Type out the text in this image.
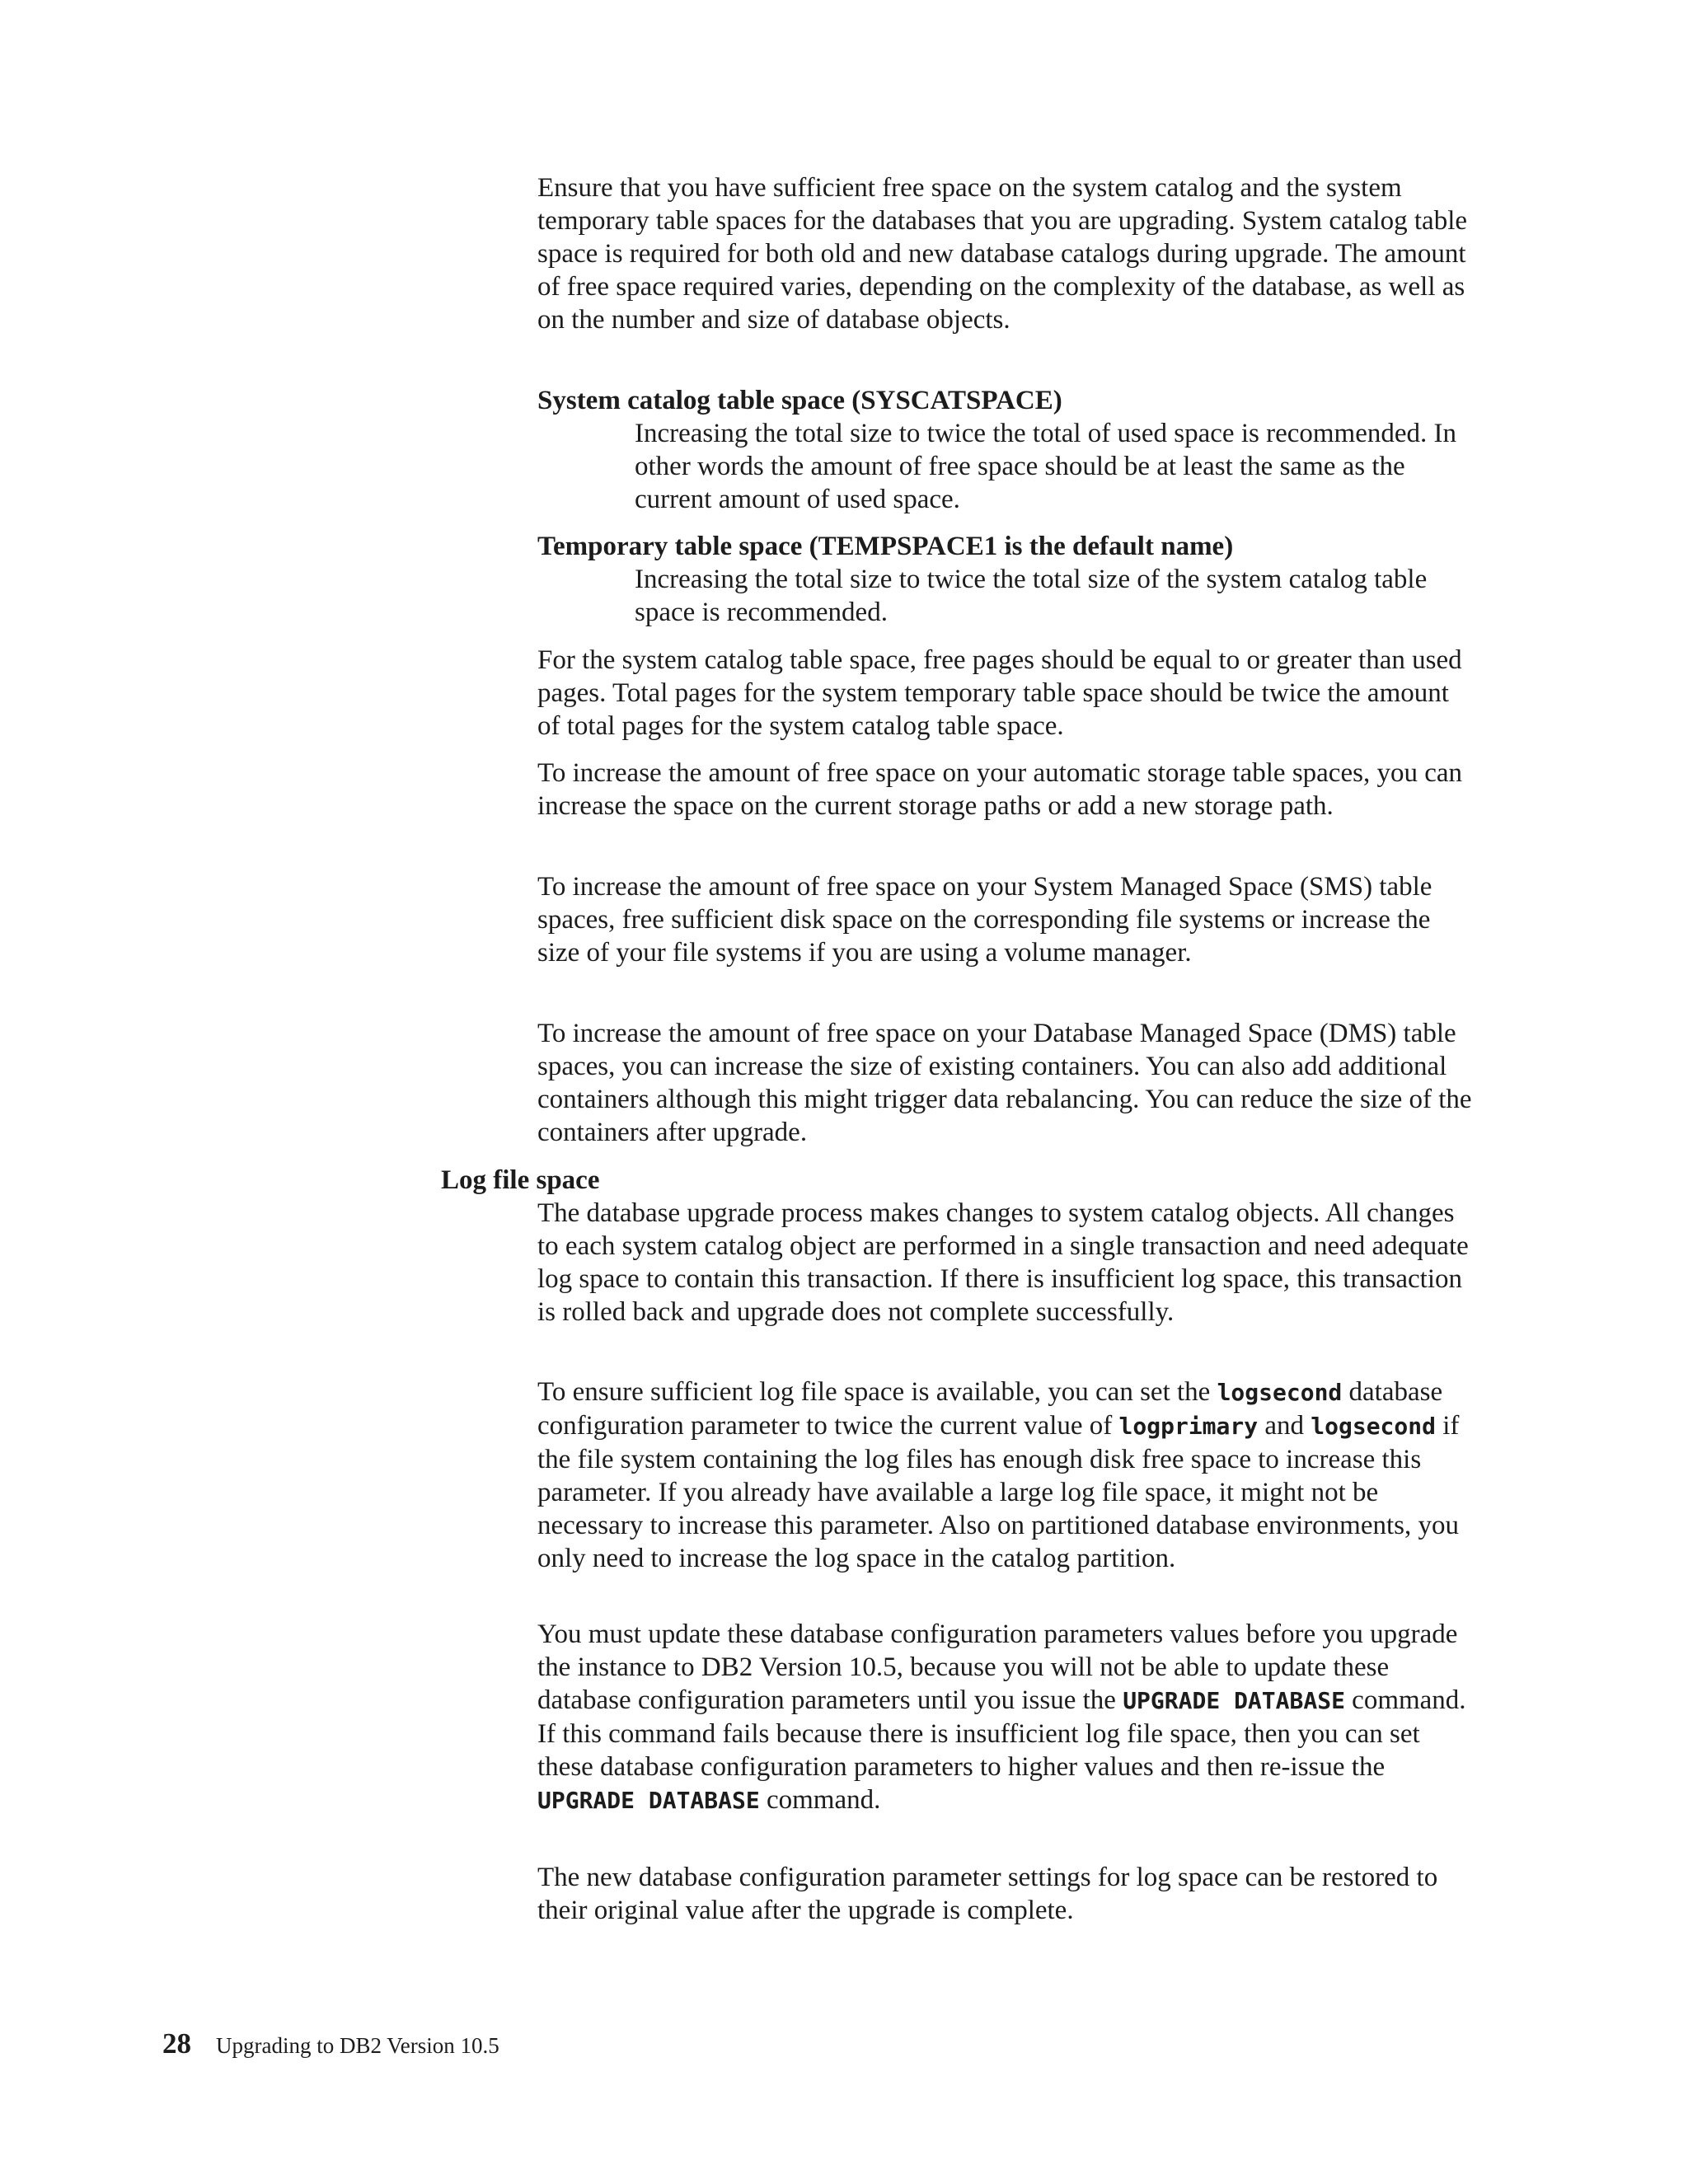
Ensure that you have sufficient free space on the system catalog and the system temporary table spaces for the databases that you are upgrading. System catalog table space is required for both old and new database catalogs during upgrade. The amount of free space required varies, depending on the complexity of the database, as well as on the number and size of database objects.

System catalog table space (SYSCATSPACE)

Increasing the total size to twice the total of used space is recommended. In other words the amount of free space should be at least the same as the current amount of used space.

Temporary table space (TEMPSPACE1 is the default name)

Increasing the total size to twice the total size of the system catalog table space is recommended.

For the system catalog table space, free pages should be equal to or greater than used pages. Total pages for the system temporary table space should be twice the amount of total pages for the system catalog table space.

To increase the amount of free space on your automatic storage table spaces, you can increase the space on the current storage paths or add a new storage path.

To increase the amount of free space on your System Managed Space (SMS) table spaces, free sufficient disk space on the corresponding file systems or increase the size of your file systems if you are using a volume manager.

To increase the amount of free space on your Database Managed Space (DMS) table spaces, you can increase the size of existing containers. You can also add additional containers although this might trigger data rebalancing. You can reduce the size of the containers after upgrade.

Log file space

The database upgrade process makes changes to system catalog objects. All changes to each system catalog object are performed in a single transaction and need adequate log space to contain this transaction. If there is insufficient log space, this transaction is rolled back and upgrade does not complete successfully.

To ensure sufficient log file space is available, you can set the logsecond database configuration parameter to twice the current value of logprimary and logsecond if the file system containing the log files has enough disk free space to increase this parameter. If you already have available a large log file space, it might not be necessary to increase this parameter. Also on partitioned database environments, you only need to increase the log space in the catalog partition.

You must update these database configuration parameters values before you upgrade the instance to DB2 Version 10.5, because you will not be able to update these database configuration parameters until you issue the UPGRADE DATABASE command. If this command fails because there is insufficient log file space, then you can set these database configuration parameters to higher values and then re-issue the UPGRADE DATABASE command.

The new database configuration parameter settings for log space can be restored to their original value after the upgrade is complete.

28 Upgrading to DB2 Version 10.5
